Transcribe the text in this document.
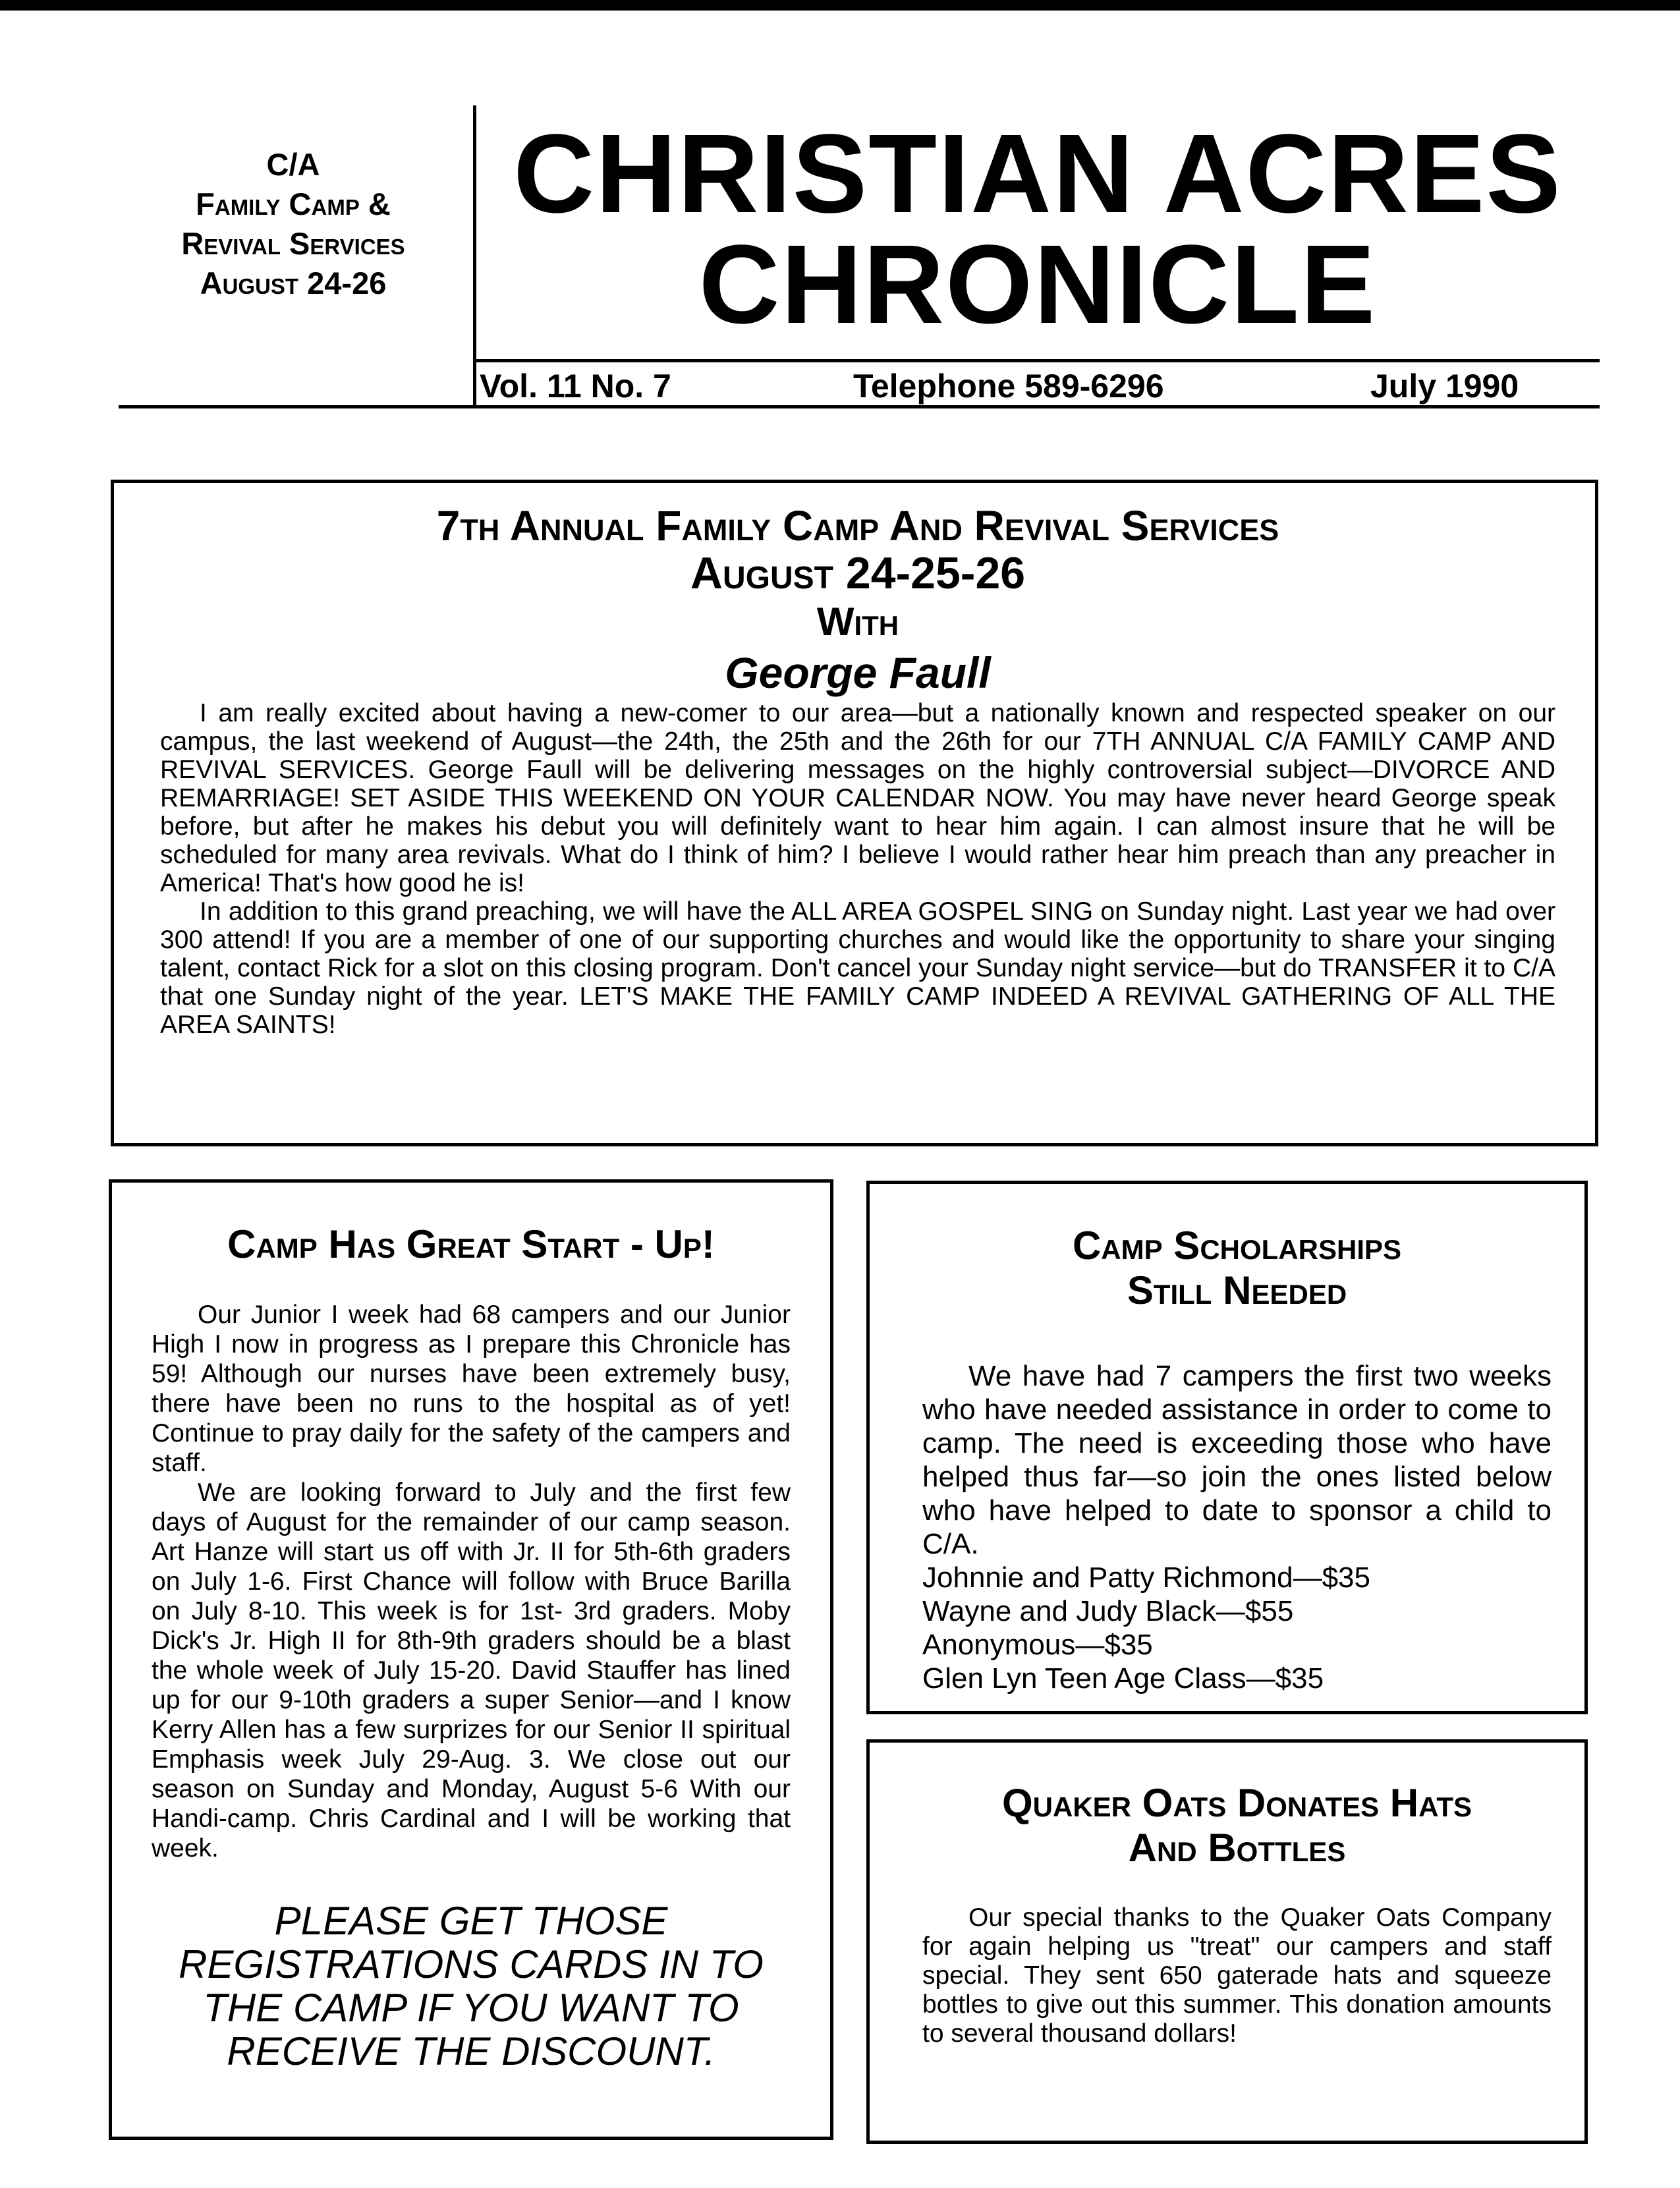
C/A
Family Camp &
Revival Services
August 24-26
CHRISTIAN ACRES
CHRONICLE
Vol. 11 No. 7	Telephone 589-6296	July 1990
7th Annual Family Camp And Revival Services
August 24-25-26
With
George Faull

I am really excited about having a new-comer to our area—but a nationally known and respected speaker on our campus, the last weekend of August—the 24th, the 25th and the 26th for our 7TH ANNUAL C/A FAMILY CAMP AND REVIVAL SERVICES. George Faull will be delivering messages on the highly controversial subject—DIVORCE AND REMARRIAGE! SET ASIDE THIS WEEKEND ON YOUR CALENDAR NOW. You may have never heard George speak before, but after he makes his debut you will definitely want to hear him again. I can almost insure that he will be scheduled for many area revivals. What do I think of him? I believe I would rather hear him preach than any preacher in America! That's how good he is!

In addition to this grand preaching, we will have the ALL AREA GOSPEL SING on Sunday night. Last year we had over 300 attend! If you are a member of one of our supporting churches and would like the opportunity to share your singing talent, contact Rick for a slot on this closing program. Don't cancel your Sunday night service—but do TRANSFER it to C/A that one Sunday night of the year. LET'S MAKE THE FAMILY CAMP INDEED A REVIVAL GATHERING OF ALL THE AREA SAINTS!

Camp Has Great Start - Up!

Our Junior I week had 68 campers and our Junior High I now in progress as I prepare this Chronicle has 59! Although our nurses have been extremely busy, there have been no runs to the hospital as of yet! Continue to pray daily for the safety of the campers and staff.

We are looking forward to July and the first few days of August for the remainder of our camp season. Art Hanze will start us off with Jr. II for 5th-6th graders on July 1-6. First Chance will follow with Bruce Barilla on July 8-10. This week is for 1st- 3rd graders. Moby Dick's Jr. High II for 8th-9th graders should be a blast the whole week of July 15-20. David Stauffer has lined up for our 9-10th graders a super Senior—and I know Kerry Allen has a few surprizes for our Senior II spiritual Emphasis week July 29-Aug. 3. We close out our season on Sunday and Monday, August 5-6 With our Handi-camp. Chris Cardinal and I will be working that week.

PLEASE GET THOSE REGISTRATIONS CARDS IN TO THE CAMP IF YOU WANT TO RECEIVE THE DISCOUNT.
Camp Scholarships
Still Needed

We have had 7 campers the first two weeks who have needed assistance in order to come to camp. The need is exceeding those who have helped thus far—so join the ones listed below who have helped to date to sponsor a child to C/A.

Johnnie and Patty Richmond—$35
Wayne and Judy Black—$55
Anonymous—$35
Glen Lyn Teen Age Class—$35
Quaker Oats Donates Hats
And Bottles

Our special thanks to the Quaker Oats Company for again helping us "treat" our campers and staff special. They sent 650 gaterade hats and squeeze bottles to give out this summer. This donation amounts to several thousand dollars!
